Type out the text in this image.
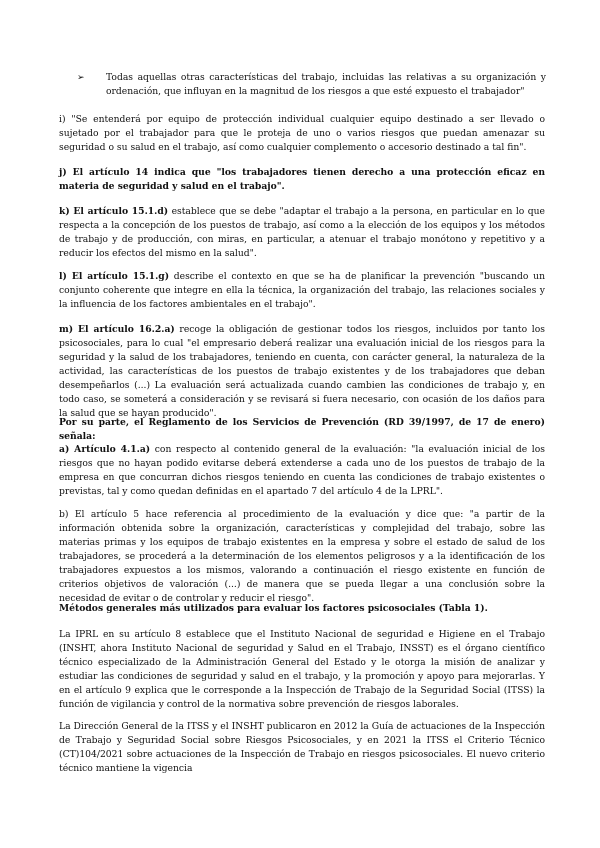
➢	Todas aquellas otras características del trabajo, incluidas las relativas a su organización y ordenación, que influyan en la magnitud de los riesgos a que esté expuesto el trabajador"

i) "Se entenderá por equipo de protección individual cualquier equipo destinado a ser llevado o sujetado por el trabajador para que le proteja de uno o varios riesgos que puedan amenazar su seguridad o su salud en el trabajo, así como cualquier complemento o accesorio destinado a tal fin".

j) El artículo 14 indica que "los trabajadores tienen derecho a una protección eficaz en materia de seguridad y salud en el trabajo".

k) El artículo 15.1.d) establece que se debe "adaptar el trabajo a la persona, en particular en lo que respecta a la concepción de los puestos de trabajo, así como a la elección de los equipos y los métodos de trabajo y de producción, con miras, en particular, a atenuar el trabajo monótono y repetitivo y a reducir los efectos del mismo en la salud".

l) El artículo 15.1.g) describe el contexto en que se ha de planificar la prevención "buscando un conjunto coherente que integre en ella la técnica, la organización del trabajo, las relaciones sociales y la influencia de los factores ambientales en el trabajo".

m) El artículo 16.2.a) recoge la obligación de gestionar todos los riesgos, incluidos por tanto los psicosociales, para lo cual "el empresario deberá realizar una evaluación inicial de los riesgos para la seguridad y la salud de los trabajadores, teniendo en cuenta, con carácter general, la naturaleza de la actividad, las características de los puestos de trabajo existentes y de los trabajadores que deban desempeñarlos (...) La evaluación será actualizada cuando cambien las condiciones de trabajo y, en todo caso, se someterá a consideración y se revisará si fuera necesario, con ocasión de los daños para la salud que se hayan producido".

Por su parte, el Reglamento de los Servicios de Prevención (RD 39/1997, de 17 de enero) señala:

a) Artículo 4.1.a) con respecto al contenido general de la evaluación: "la evaluación inicial de los riesgos que no hayan podido evitarse deberá extenderse a cada uno de los puestos de trabajo de la empresa en que concurran dichos riesgos teniendo en cuenta las condiciones de trabajo existentes o previstas, tal y como quedan definidas en el apartado 7 del artículo 4 de la LPRL".

b) El artículo 5 hace referencia al procedimiento de la evaluación y dice que: "a partir de la información obtenida sobre la organización, características y complejidad del trabajo, sobre las materias primas y los equipos de trabajo existentes en la empresa y sobre el estado de salud de los trabajadores, se procederá a la determinación de los elementos peligrosos y a la identificación de los trabajadores expuestos a los mismos, valorando a continuación el riesgo existente en función de criterios objetivos de valoración (...) de manera que se pueda llegar a una conclusión sobre la necesidad de evitar o de controlar y reducir el riesgo".

Métodos generales más utilizados para evaluar los factores psicosociales (Tabla 1).

La IPRL en su artículo 8 establece que el Instituto Nacional de seguridad e Higiene en el Trabajo (INSHT, ahora Instituto Nacional de seguridad y Salud en el Trabajo, INSST) es el órgano científico técnico especializado de la Administración General del Estado y le otorga la misión de analizar y estudiar las condiciones de seguridad y salud en el trabajo, y la promoción y apoyo para mejorarlas. Y en el artículo 9 explica que le corresponde a la Inspección de Trabajo de la Seguridad Social (ITSS) la función de vigilancia y control de la normativa sobre prevención de riesgos laborales.

La Dirección General de la ITSS y el INSHT publicaron en 2012 la Guía de actuaciones de la Inspección de Trabajo y Seguridad Social sobre Riesgos Psicosociales, y en 2021 la ITSS el Criterio Técnico (CT)104/2021 sobre actuaciones de la Inspección de Trabajo en riesgos psicosociales. El nuevo criterio técnico mantiene la vigencia
